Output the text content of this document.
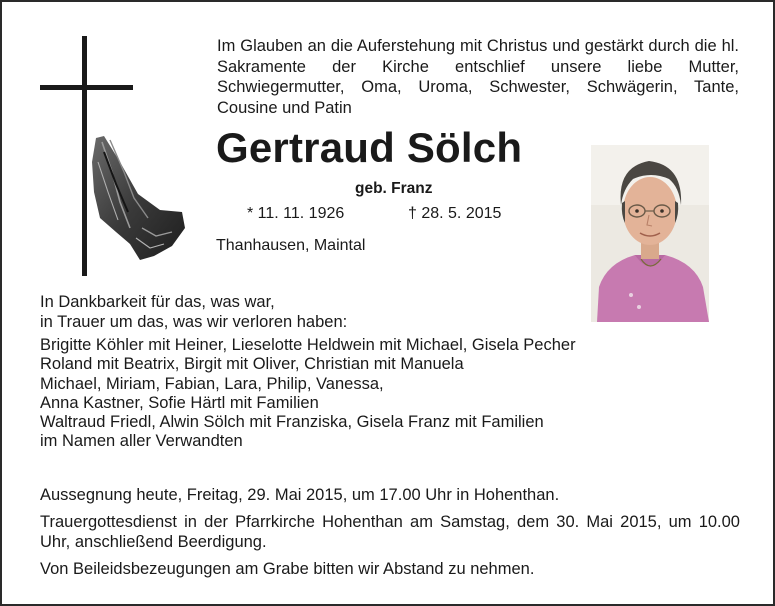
Im Glauben an die Auferstehung mit Christus und gestärkt durch die hl. Sakramente der Kirche entschlief unsere liebe Mutter, Schwiegermutter, Oma, Uroma, Schwester, Schwägerin, Tante, Cousine und Patin
Gertraud Sölch
geb. Franz
* 11. 11. 1926	† 28. 5. 2015
Thanhausen, Maintal
In Dankbarkeit für das, was war,
in Trauer um das, was wir verloren haben:
Brigitte Köhler mit Heiner, Lieselotte Heldwein mit Michael, Gisela Pecher
Roland mit Beatrix, Birgit mit Oliver, Christian mit Manuela
Michael, Miriam, Fabian, Lara, Philip, Vanessa,
Anna Kastner, Sofie Härtl mit Familien
Waltraud Friedl, Alwin Sölch mit Franziska, Gisela Franz mit Familien
im Namen aller Verwandten

Aussegnung heute, Freitag, 29. Mai 2015, um 17.00 Uhr in Hohenthan.

Trauergottesdienst in der Pfarrkirche Hohenthan am Samstag, dem 30. Mai 2015, um 10.00 Uhr, anschließend Beerdigung.

Von Beileidsbezeugungen am Grabe bitten wir Abstand zu nehmen.
